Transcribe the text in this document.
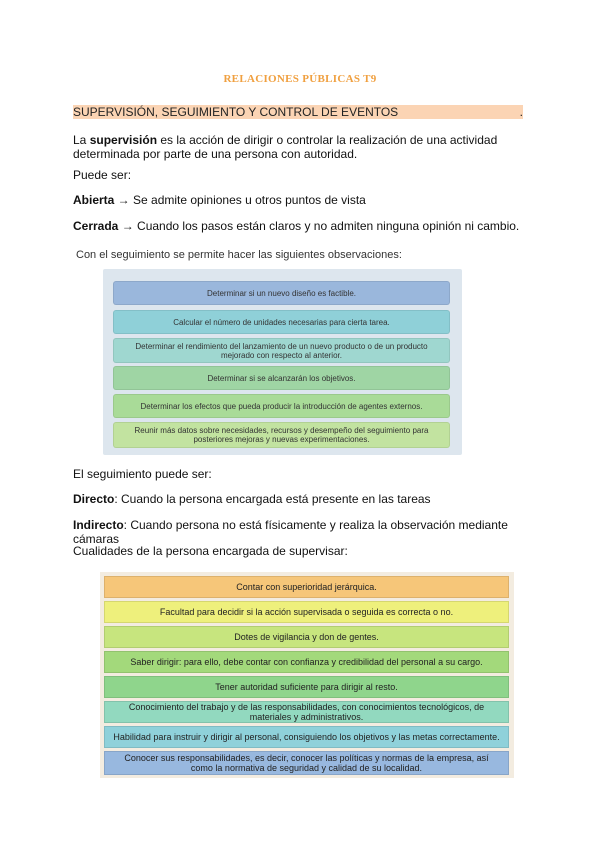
RELACIONES PÚBLICAS T9
SUPERVISIÓN, SEGUIMIENTO Y CONTROL DE EVENTOS	.
La supervisión es la acción de dirigir o controlar la realización de una actividad determinada por parte de una persona con autoridad.
Puede ser:
Abierta → Se admite opiniones u otros puntos de vista
Cerrada → Cuando los pasos están claros y no admiten ninguna opinión ni cambio.
Con el seguimiento se permite hacer las siguientes observaciones:
Determinar si un nuevo diseño es factible.
Calcular el número de unidades necesarias para cierta tarea.
Determinar el rendimiento del lanzamiento de un nuevo producto o de un producto mejorado con respecto al anterior.
Determinar si se alcanzarán los objetivos.
Determinar los efectos que pueda producir la introducción de agentes externos.
Reunir más datos sobre necesidades, recursos y desempeño del seguimiento para posteriores mejoras y nuevas experimentaciones.
El seguimiento puede ser:
Directo: Cuando la persona encargada está presente en las tareas
Indirecto: Cuando persona no está físicamente y realiza la observación mediante cámaras
Cualidades de la persona encargada de supervisar:
Contar con superioridad jerárquica.
Facultad para decidir si la acción supervisada o seguida es correcta o no.
Dotes de vigilancia y don de gentes.
Saber dirigir: para ello, debe contar con confianza y credibilidad del personal a su cargo.
Tener autoridad suficiente para dirigir al resto.
Conocimiento del trabajo y de las responsabilidades, con conocimientos tecnológicos, de materiales y administrativos.
Habilidad para instruir y dirigir al personal, consiguiendo los objetivos y las metas correctamente.
Conocer sus responsabilidades, es decir, conocer las políticas y normas de la empresa, así como la normativa de seguridad y calidad de su localidad.
